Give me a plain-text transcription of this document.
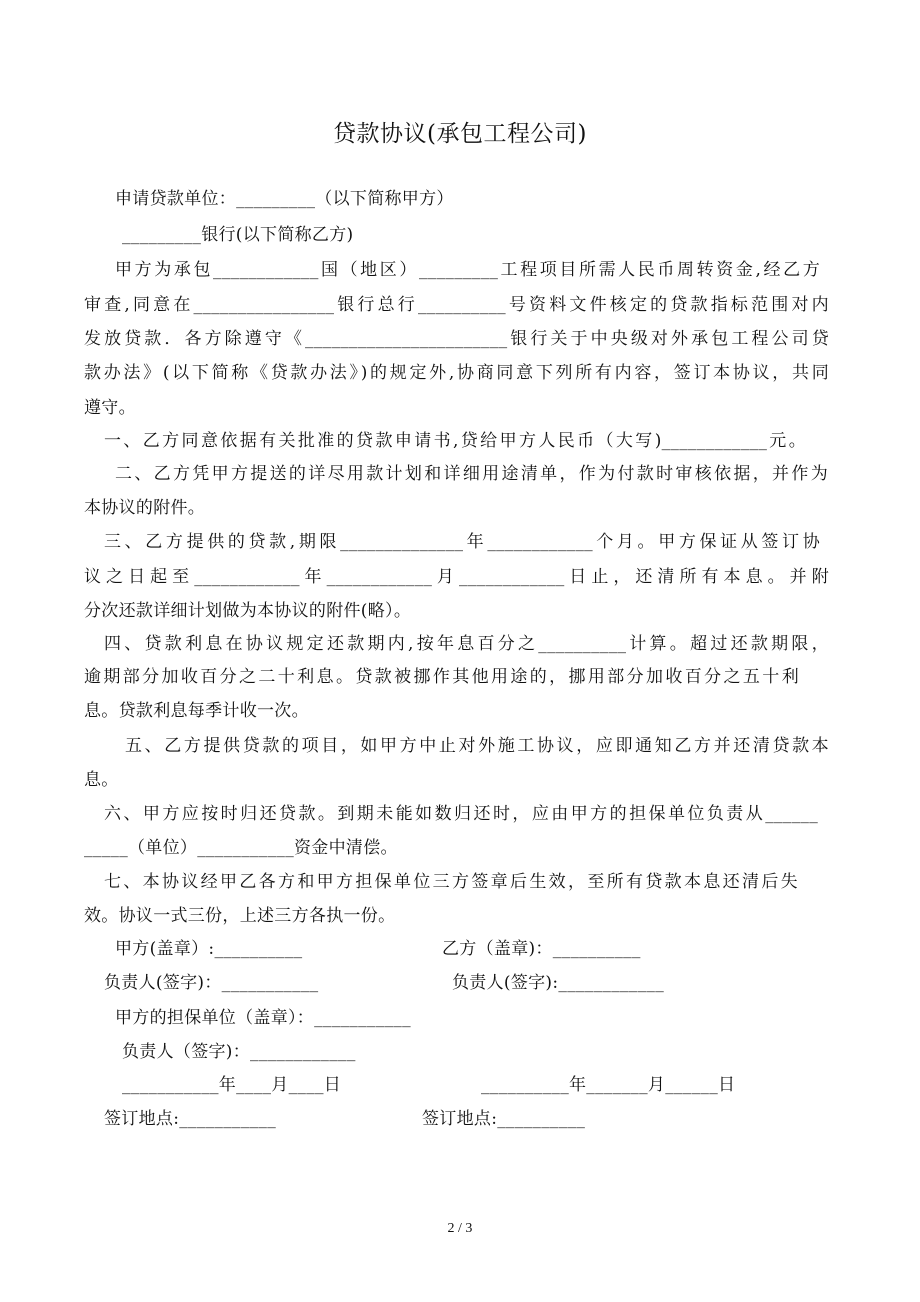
贷款协议(承包工程公司)
申请贷款单位：_________（以下简称甲方）
_________银行(以下简称乙方)
甲方为承包____________国（地区）_________工程项目所需人民币周转资金,经乙方
审查,同意在________________银行总行__________号资料文件核定的贷款指标范围对内
发放贷款．各方除遵守《_______________________银行关于中央级对外承包工程公司贷
款办法》(以下简称《贷款办法》)的规定外,协商同意下列所有内容，签订本协议，共同
遵守。
一、乙方同意依据有关批准的贷款申请书,贷给甲方人民币（大写)____________元。
二、乙方凭甲方提送的详尽用款计划和详细用途清单，作为付款时审核依据，并作为
本协议的附件。
三、乙方提供的贷款,期限______________年____________个月。甲方保证从签订协
议之日起至____________年____________月____________日止，还清所有本息。并附
分次还款详细计划做为本协议的附件(略）。
四、贷款利息在协议规定还款期内,按年息百分之__________计算。超过还款期限，
逾期部分加收百分之二十利息。贷款被挪作其他用途的，挪用部分加收百分之五十利
息。贷款利息每季计收一次。
五、乙方提供贷款的项目，如甲方中止对外施工协议，应即通知乙方并还清贷款本
息。
六、甲方应按时归还贷款。到期未能如数归还时，应由甲方的担保单位负责从______
_____（单位）___________资金中清偿。
七、本协议经甲乙各方和甲方担保单位三方签章后生效，至所有贷款本息还清后失
效。协议一式三份，上述三方各执一份。
甲方(盖章）:__________	乙方（盖章)：__________
负责人(签字)：___________	负责人(签字):____________
甲方的担保单位（盖章）：___________
负责人（签字)：____________
___________年____月____日	__________年_______月______日
签订地点:___________	签订地点:__________
2 / 3
